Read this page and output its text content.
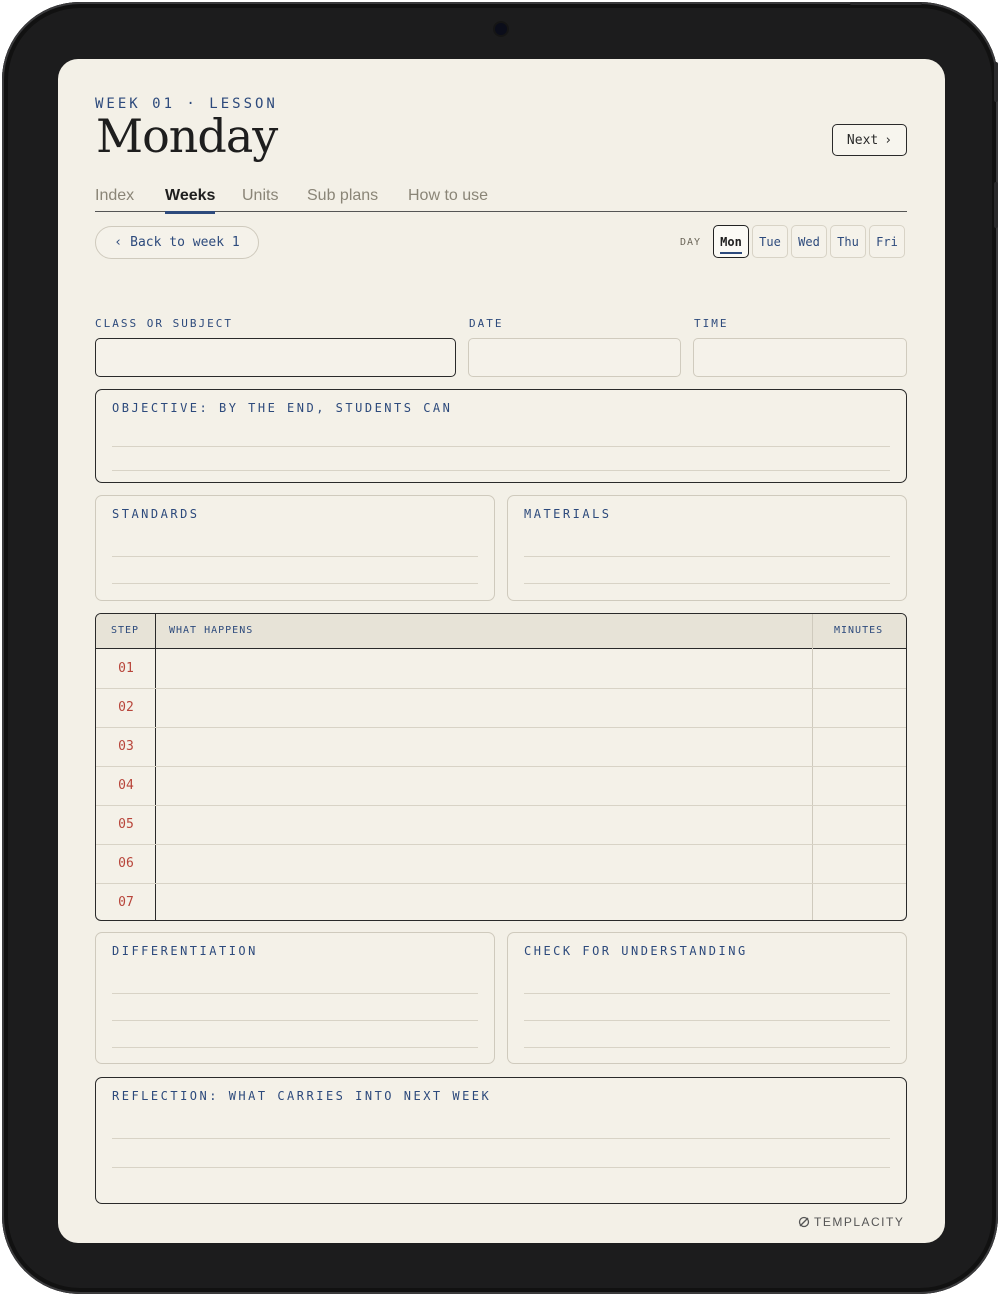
WEEK 01 · LESSON
Monday	Next ›
Index Weeks Units Sub plans How to use
‹ Back to week 1	DAY	Mon	Tue	Wed	Thu	Fri
CLASS OR SUBJECT	DATE	TIME
OBJECTIVE: BY THE END, STUDENTS CAN
STANDARDS	MATERIALS
STEP	WHAT HAPPENS	MINUTES
01
02
03
04
05
06
07
DIFFERENTIATION	CHECK FOR UNDERSTANDING
REFLECTION: WHAT CARRIES INTO NEXT WEEK
TEMPLACITY
